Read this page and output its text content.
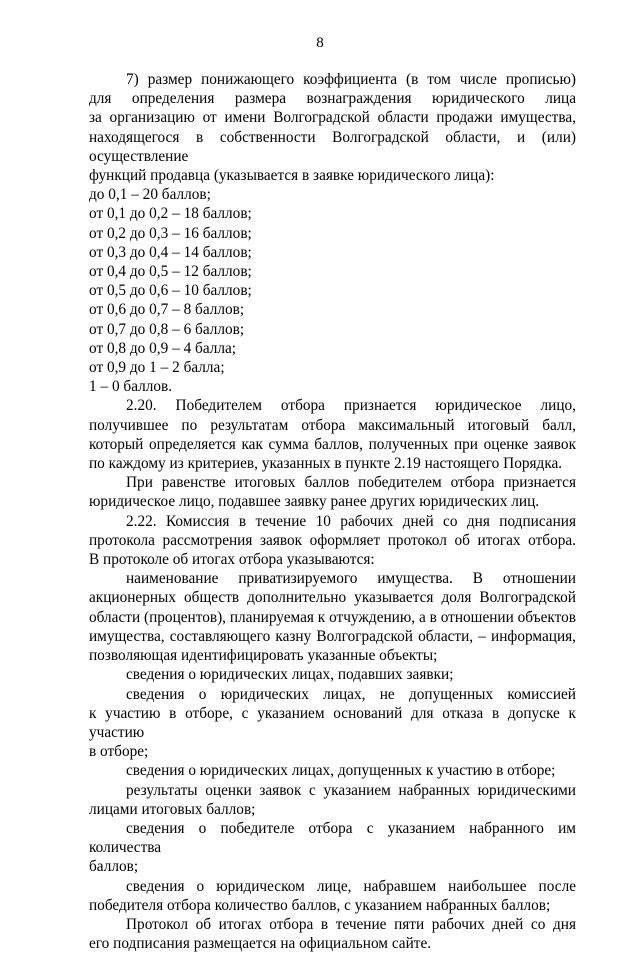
8

7) размер понижающего коэффициента (в том числе прописью)

для определения размера вознаграждения юридического лица

за организацию от имени Волгоградской области продажи имущества,

находящегося в собственности Волгоградской области, и (или) осуществление

функций продавца (указывается в заявке юридического лица):

до 0,1 – 20 баллов;

от 0,1 до 0,2 – 18 баллов;

от 0,2 до 0,3 – 16 баллов;

от 0,3 до 0,4 – 14 баллов;

от 0,4 до 0,5 – 12 баллов;

от 0,5 до 0,6 – 10 баллов;

от 0,6 до 0,7 – 8 баллов;

от 0,7 до 0,8 – 6 баллов;

от 0,8 до 0,9 – 4 балла;

от 0,9 до 1 – 2 балла;

1 – 0 баллов.

2.20. Победителем отбора признается юридическое лицо,

получившее по результатам отбора максимальный итоговый балл,

который определяется как сумма баллов, полученных при оценке заявок

по каждому из критериев, указанных в пункте 2.19 настоящего Порядка.

При равенстве итоговых баллов победителем отбора признается

юридическое лицо, подавшее заявку ранее других юридических лиц.

2.22. Комиссия в течение 10 рабочих дней со дня подписания

протокола рассмотрения заявок оформляет протокол об итогах отбора.

В протоколе об итогах отбора указываются:

наименование приватизируемого имущества. В отношении

акционерных обществ дополнительно указывается доля Волгоградской

области (процентов), планируемая к отчуждению, а в отношении объектов

имущества, составляющего казну Волгоградской области, – информация,

позволяющая идентифицировать указанные объекты;

сведения о юридических лицах, подавших заявки;

сведения о юридических лицах, не допущенных комиссией

к участию в отборе, с указанием оснований для отказа в допуске к участию

в отборе;

сведения о юридических лицах, допущенных к участию в отборе;

результаты оценки заявок с указанием набранных юридическими

лицами итоговых баллов;

сведения о победителе отбора с указанием набранного им количества

баллов;

сведения о юридическом лице, набравшем наибольшее после

победителя отбора количество баллов, с указанием набранных баллов;

Протокол об итогах отбора в течение пяти рабочих дней со дня

его подписания размещается на официальном сайте.
